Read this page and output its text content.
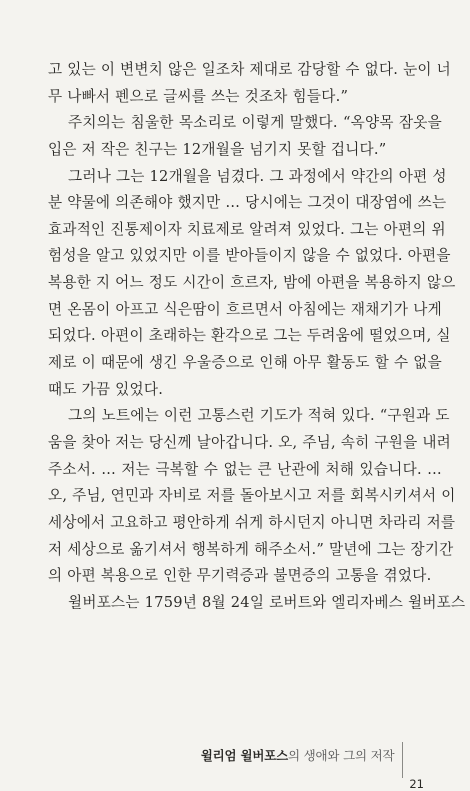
고 있는 이 변변치 않은 일조차 제대로 감당할 수 없다. 눈이 너
무 나빠서 펜으로 글씨를 쓰는 것조차 힘들다.”
주치의는 침울한 목소리로 이렇게 말했다. “옥양목 잠옷을
입은 저 작은 친구는 12개월을 넘기지 못할 겁니다.”
그러나 그는 12개월을 넘겼다. 그 과정에서 약간의 아편 성
분 약물에 의존해야 했지만 … 당시에는 그것이 대장염에 쓰는
효과적인 진통제이자 치료제로 알려져 있었다. 그는 아편의 위
험성을 알고 있었지만 이를 받아들이지 않을 수 없었다. 아편을
복용한 지 어느 정도 시간이 흐르자, 밤에 아편을 복용하지 않으
면 온몸이 아프고 식은땀이 흐르면서 아침에는 재채기가 나게
되었다. 아편이 초래하는 환각으로 그는 두려움에 떨었으며, 실
제로 이 때문에 생긴 우울증으로 인해 아무 활동도 할 수 없을
때도 가끔 있었다.
그의 노트에는 이런 고통스런 기도가 적혀 있다. “구원과 도
움을 찾아 저는 당신께 날아갑니다. 오, 주님, 속히 구원을 내려
주소서. … 저는 극복할 수 없는 큰 난관에 처해 있습니다. …
오, 주님, 연민과 자비로 저를 돌아보시고 저를 회복시키셔서 이
세상에서 고요하고 평안하게 쉬게 하시던지 아니면 차라리 저를
저 세상으로 옮기셔서 행복하게 해주소서.” 말년에 그는 장기간
의 아편 복용으로 인한 무기력증과 불면증의 고통을 겪었다.
윌버포스는 1759년 8월 24일 로버트와 엘리자베스 윌버포스
윌리엄 윌버포스의 생애와 그의 저작
21
